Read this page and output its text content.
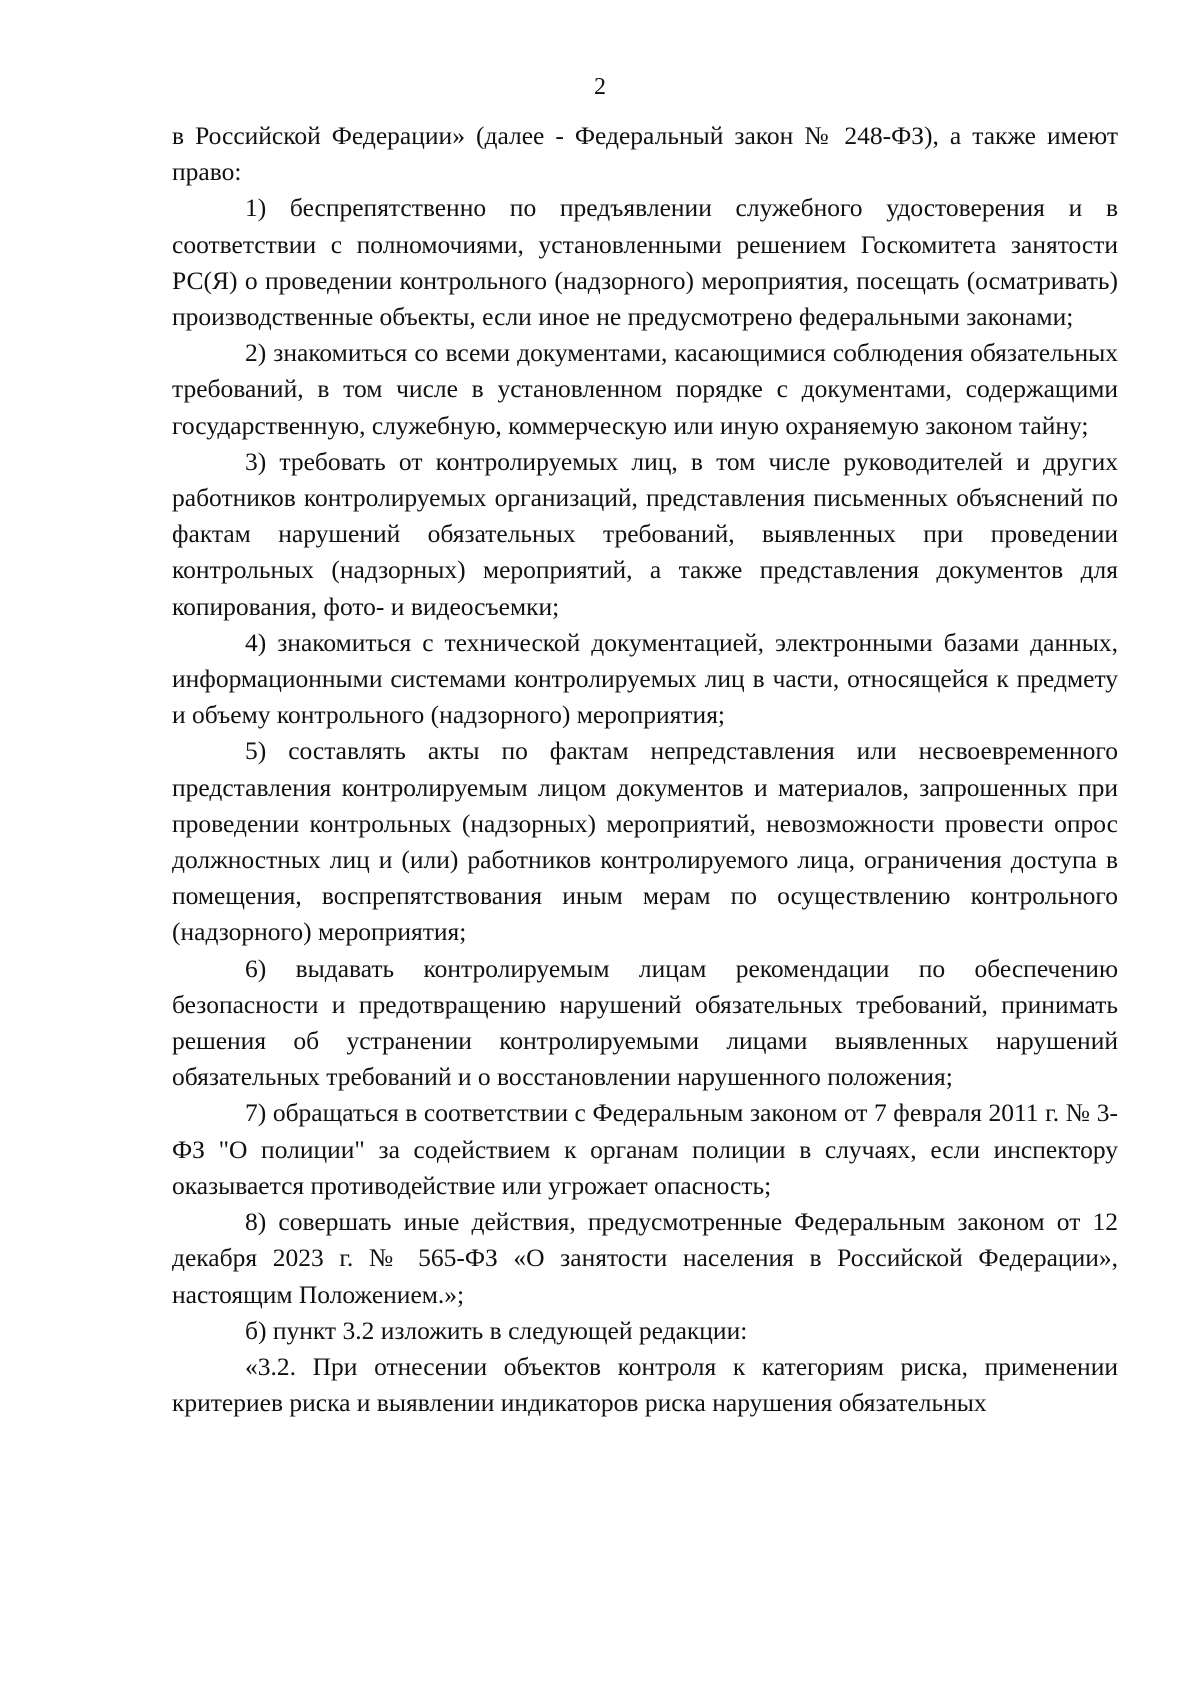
2

в Российской Федерации» (далее - Федеральный закон № 248-ФЗ), а также имеют право:

1) беспрепятственно по предъявлении служебного удостоверения и в соответствии с полномочиями, установленными решением Госкомитета занятости РС(Я) о проведении контрольного (надзорного) мероприятия, посещать (осматривать) производственные объекты, если иное не предусмотрено федеральными законами;

2) знакомиться со всеми документами, касающимися соблюдения обязательных требований, в том числе в установленном порядке с документами, содержащими государственную, служебную, коммерческую или иную охраняемую законом тайну;

3) требовать от контролируемых лиц, в том числе руководителей и других работников контролируемых организаций, представления письменных объяснений по фактам нарушений обязательных требований, выявленных при проведении контрольных (надзорных) мероприятий, а также представления документов для копирования, фото- и видеосъемки;

4) знакомиться с технической документацией, электронными базами данных, информационными системами контролируемых лиц в части, относящейся к предмету и объему контрольного (надзорного) мероприятия;

5) составлять акты по фактам непредставления или несвоевременного представления контролируемым лицом документов и материалов, запрошенных при проведении контрольных (надзорных) мероприятий, невозможности провести опрос должностных лиц и (или) работников контролируемого лица, ограничения доступа в помещения, воспрепятствования иным мерам по осуществлению контрольного (надзорного) мероприятия;

6) выдавать контролируемым лицам рекомендации по обеспечению безопасности и предотвращению нарушений обязательных требований, принимать решения об устранении контролируемыми лицами выявленных нарушений обязательных требований и о восстановлении нарушенного положения;

7) обращаться в соответствии с Федеральным законом от 7 февраля 2011 г. № 3-ФЗ "О полиции" за содействием к органам полиции в случаях, если инспектору оказывается противодействие или угрожает опасность;

8) совершать иные действия, предусмотренные Федеральным законом от 12 декабря 2023 г. № 565-ФЗ «О занятости населения в Российской Федерации», настоящим Положением.»;

б) пункт 3.2 изложить в следующей редакции:

«3.2. При отнесении объектов контроля к категориям риска, применении критериев риска и выявлении индикаторов риска нарушения обязательных
